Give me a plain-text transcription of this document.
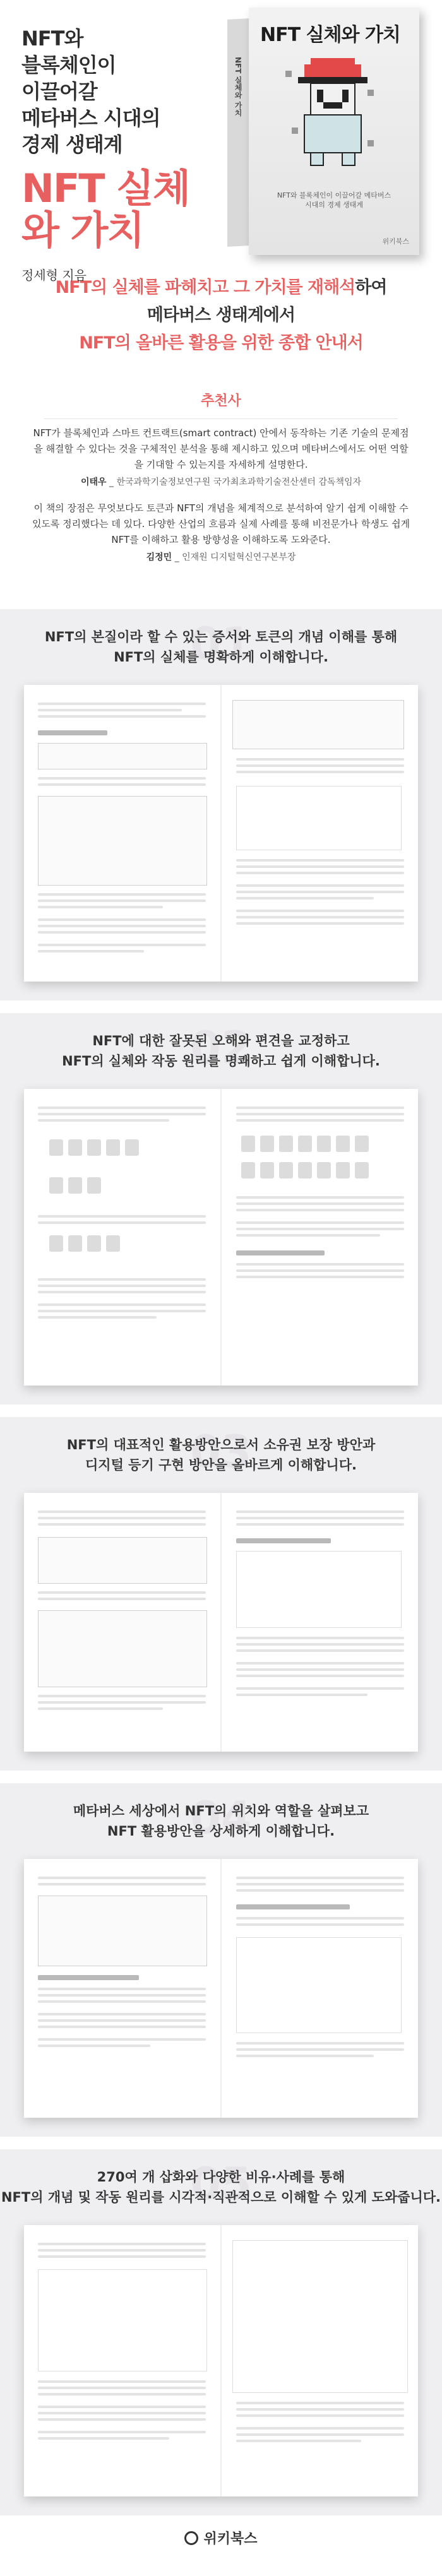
NFT와
블록체인이
이끌어갈
메타버스 시대의
경제 생태계
NFT 실체와 가치
정세형 지음
NFT 실체와 가치
NFT 실체와 가치
NFT와 블록체인이 이끌어갈 메타버스 시대의 경제 생태계
위키북스
NFT의 실체를 파헤치고 그 가치를 재해석하여
메타버스 생태계에서
NFT의 올바른 활용을 위한 종합 안내서
추천사

NFT가 블록체인과 스마트 컨트랙트(smart contract) 안에서 동작하는 기존 기술의 문제점을 해결할 수 있다는 것을 구체적인 분석을 통해 제시하고 있으며 메타버스에서도 어떤 역할을 기대할 수 있는지를 자세하게 설명한다.

이태우 _ 한국과학기술정보연구원 국가최초과학기술전산센터 감독책임자

이 책의 장점은 무엇보다도 토큰과 NFT의 개념을 체계적으로 분석하여 알기 쉽게 이해할 수 있도록 정리했다는 데 있다. 다양한 산업의 흐름과 실제 사례를 통해 비전문가나 학생도 쉽게 NFT를 이해하고 활용 방향성을 이해하도록 도와준다.

김정민 _ 인재원 디지털혁신연구본부장
01
NFT의 본질이라 할 수 있는 증서와 토큰의 개념 이해를 통해
NFT의 실체를 명확하게 이해합니다.
02
NFT에 대한 잘못된 오해와 편견을 교정하고
NFT의 실체와 작동 원리를 명쾌하고 쉽게 이해합니다.
03
NFT의 대표적인 활용방안으로서 소유권 보장 방안과
디지털 등기 구현 방안을 올바르게 이해합니다.
04
메타버스 세상에서 NFT의 위치와 역할을 살펴보고
NFT 활용방안을 상세하게 이해합니다.
05
270여 개 삽화와 다양한 비유·사례를 통해
NFT의 개념 및 작동 원리를 시각적·직관적으로 이해할 수 있게 도와줍니다.
위키북스
